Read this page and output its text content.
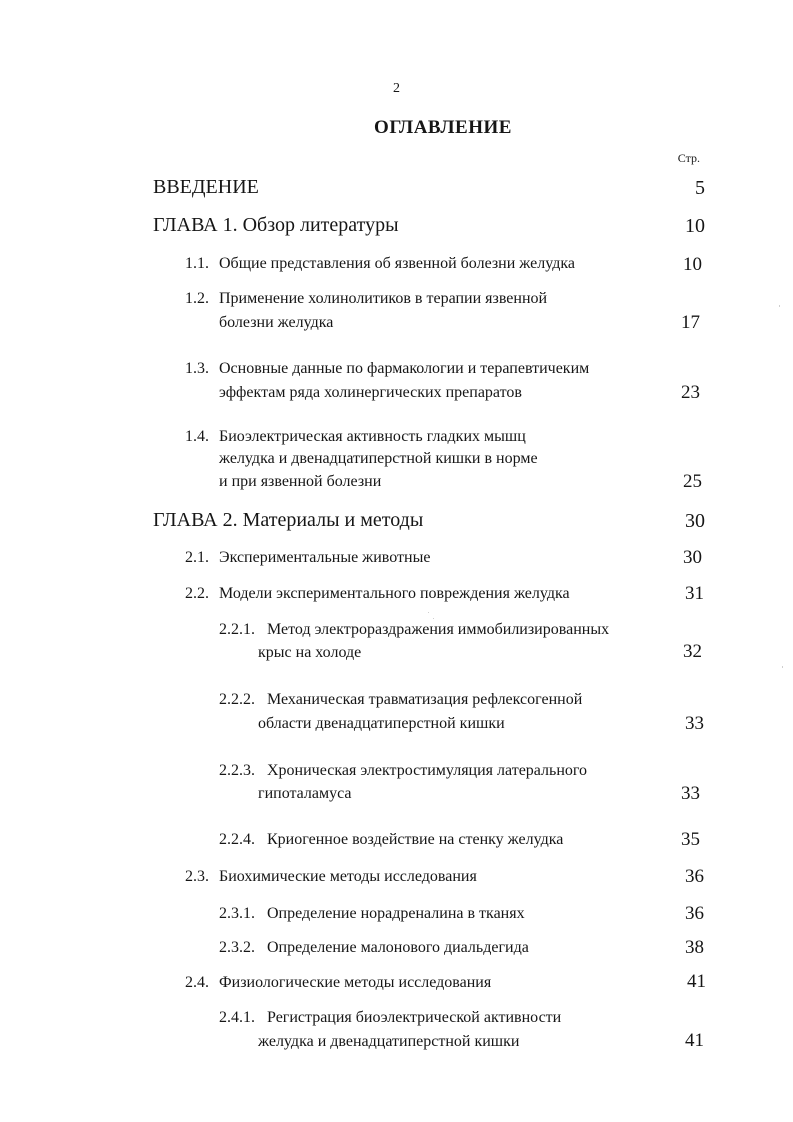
2
ОГЛАВЛЕНИЕ
Стр.
ВВЕДЕНИЕ	5
ГЛАВА 1. Обзор литературы	10
1.1. Общие представления об язвенной болезни желудка	10
1.2. Применение холинолитиков в терапии язвенной
болезни желудка	17
1.3. Основные данные по фармакологии и терапевтичеким
эффектам ряда холинергических препаратов	23
1.4. Биоэлектрическая активность гладких мышц
желудка и двенадцатиперстной кишки в норме
и при язвенной болезни	25
ГЛАВА 2. Материалы и методы	30
2.1. Экспериментальные животные	30
2.2. Модели экспериментального повреждения желудка	31
2.2.1. Метод электрораздражения иммобилизированных
крыс на холоде	32
2.2.2. Механическая травматизация рефлексогенной
области двенадцатиперстной кишки	33
2.2.3. Хроническая электростимуляция латерального
гипоталамуса	33
2.2.4. Криогенное воздействие на стенку желудка	35
2.3. Биохимические методы исследования	36
2.3.1. Определение норадреналина в тканях	36
2.3.2. Определение малонового диальдегида	38
2.4. Физиологические методы исследования	41
2.4.1. Регистрация биоэлектрической активности
желудка и двенадцатиперстной кишки	41
